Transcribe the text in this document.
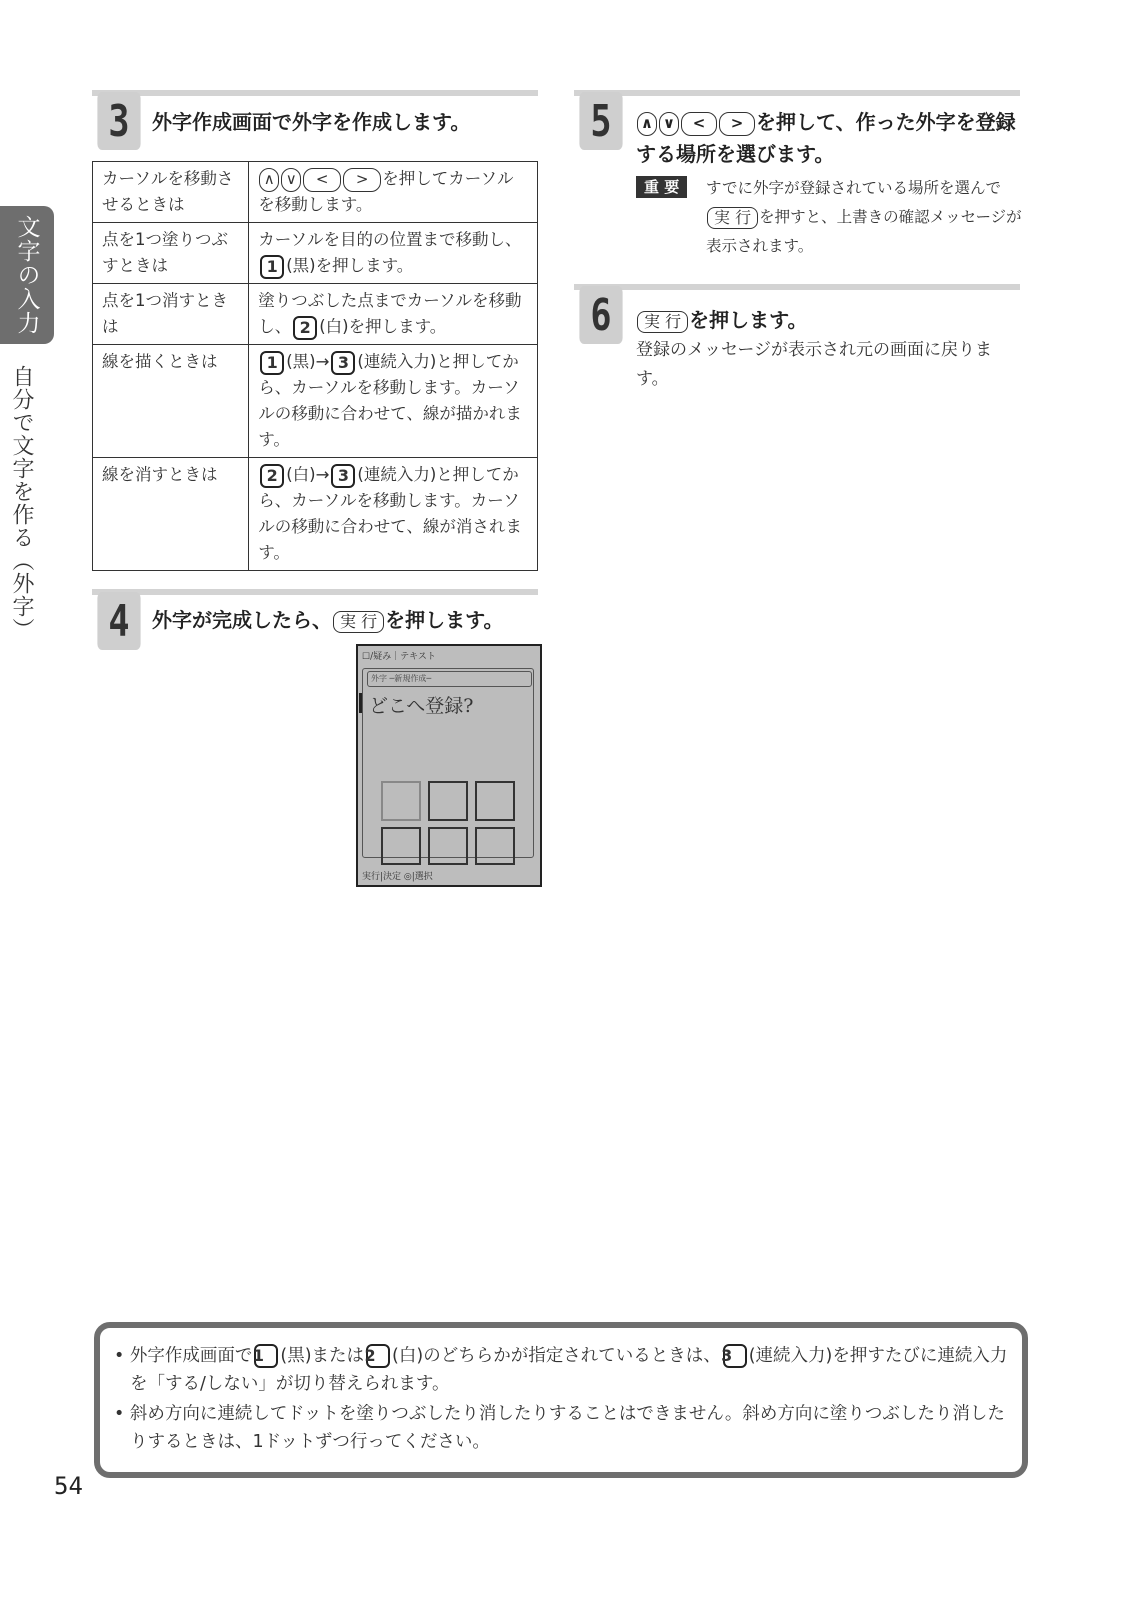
文字の入力
自分で文字を作る（外字）
3	外字作成画面で外字を作成します。
カーソルを移動させるときは	∧ ∨ < > を押してカーソルを移動します。
点を1つ塗りつぶすときは	カーソルを目的の位置まで移動し、1 (黒)を押します。
点を1つ消すときは	塗りつぶした点までカーソルを移動し、 2 (白)を押します。
線を描くときは	1 (黒)→ 3 (連続入力)と押してから、カーソルを移動します。カーソルの移動に合わせて、線が描かれます。
線を消すときは	2 (白)→ 3 (連続入力)と押してから、カーソルを移動します。カーソルの移動に合わせて、線が消されます。
4	外字が完成したら、 実 行 を押します。
☐/疑み｜テキスト
外字 ─新規作成─
どこへ登録?
実行|決定 ◎|選択
5	∧ ∨ < > を押して、作った外字を登録する場所を選びます。
重 要	すでに外字が登録されている場所を選んで実 行 を押すと、上書きの確認メッセージが表示されます。
6	実 行 を押します。
登録のメッセージが表示され元の画面に戻ります。
• 外字作成画面で1 (黒)または2 (白)のどちらかが指定されているときは、3 (連続入力)を押すたびに連続入力を「する/しない」が切り替えられます。
• 斜め方向に連続してドットを塗りつぶしたり消したりすることはできません。斜め方向に塗りつぶしたり消したりするときは、1ドットずつ行ってください。
54
